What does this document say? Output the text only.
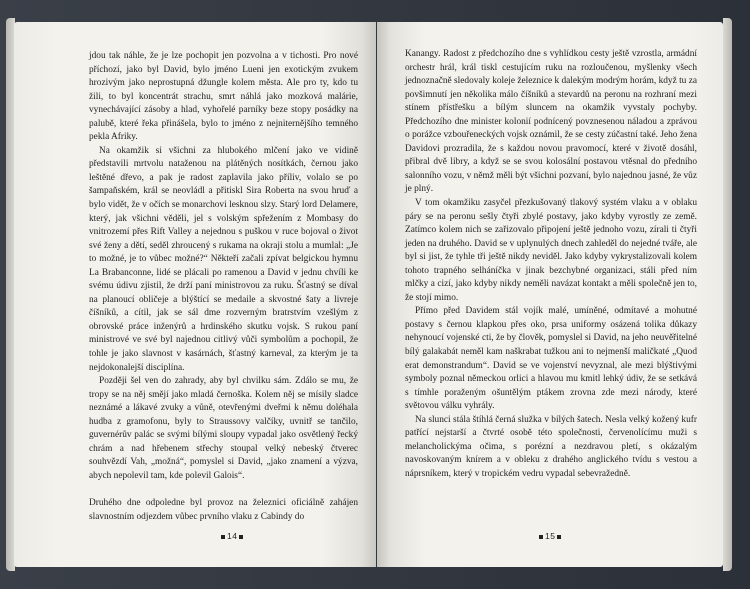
jdou tak náhle, že je lze pochopit jen pozvolna a v tichosti. Pro nové příchozí, jako byl David, bylo jméno Lueni jen exotickým zvukem hrozivým jako neprostupná džungle kolem města. Ale pro ty, kdo tu žili, to byl koncentrát strachu, smrt náhlá jako mozková malárie, vynechávající zásoby a hlad, vyhořelé parníky beze stopy posádky na palubě, které řeka přinášela, bylo to jméno z nejniternějšího temného pekla Afriky.

Na okamžik si všichni za hlubokého mlčení jako ve vidině představili mrtvolu nataženou na plátěných nosítkách, černou jako leštěné dřevo, a pak je radost zaplavila jako příliv, volalo se po šampaňském, král se neovládl a přitiskl Sira Roberta na svou hruď a bylo vidět, že v očích se monarchovi lesknou slzy. Starý lord Delamere, který, jak všichni věděli, jel s volským spřežením z Mombasy do vnitrozemí přes Rift Valley a nejednou s puškou v ruce bojoval o život své ženy a dětí, seděl zhroucený s rukama na okraji stolu a mumlal: „Je to možné, je to vůbec možné?“ Někteří začali zpívat belgickou hymnu La Brabanconne, lidé se plácali po ramenou a David v jednu chvíli ke svému údivu zjistil, že drží paní ministrovou za ruku. Šťastný se díval na planoucí obličeje a blýštící se medaile a skvostné šaty a livreje číšníků, a cítil, jak se sál dme rozverným bratrstvím vzešlým z obrovské práce inženýrů a hrdinského skutku vojsk. S rukou paní ministrové ve své byl najednou citlivý vůči symbolům a pochopil, že tohle je jako slavnost v kasárnách, šťastný karneval, za kterým je ta nejdokonalejší disciplína.

Později šel ven do zahrady, aby byl chvilku sám. Zdálo se mu, že tropy se na něj smějí jako mladá černoška. Kolem něj se mísily sladce neznámé a lákavé zvuky a vůně, otevřenými dveřmi k němu doléhala hudba z gramofonu, byly to Straussovy valčíky, uvnitř se tančilo, guvernérův palác se svými bílými sloupy vypadal jako osvětlený řecký chrám a nad hřebenem střechy stoupal velký nebeský čtverec souhvězdí Vah, „možná“, pomyslel si David, „jako znamení a výzva, abych nepolevil tam, kde polevil Galois“.

Druhého dne odpoledne byl provoz na železnici oficiálně zahájen slavnostním odjezdem vůbec prvního vlaku z Cabindy do

14

Kanangy. Radost z předchozího dne s vyhlídkou cesty ještě vzrostla, armádní orchestr hrál, král tiskl cestujícím ruku na rozloučenou, myšlenky všech jednoznačně sledovaly koleje železnice k dalekým modrým horám, když tu za povšimnutí jen několika málo číšníků a stevardů na peronu na rozhraní mezi stínem přístřešku a bílým sluncem na okamžik vyvstaly pochyby. Předchozího dne minister kolonií podnícený povznesenou náladou a zprávou o porážce vzbouřeneckých vojsk oznámil, že se cesty zúčastní také. Jeho žena Davidovi prozradila, že s každou novou pravomocí, které v životě dosáhl, přibral dvě libry, a když se se svou kolosální postavou vtěsnal do předního salonního vozu, v němž měli být všichni pozvaní, bylo najednou jasné, že vůz je plný.

V tom okamžiku zasyčel přezkušovaný tlakový systém vlaku a v oblaku páry se na peronu sešly čtyři zbylé postavy, jako kdyby vyrostly ze země. Zatímco kolem nich se zařizovalo připojení ještě jednoho vozu, zírali ti čtyři jeden na druhého. David se v uplynulých dnech zahleděl do nejedné tváře, ale byl si jist, že tyhle tři ještě nikdy neviděl. Jako kdyby vykrystalizovali kolem tohoto trapného selháníčka v jinak bezchybné organizaci, stáli před ním mlčky a cizí, jako kdyby nikdy neměli navázat kontakt a měli společně jen to, že stojí mimo.

Přímo před Davidem stál vojík malé, umíněné, odmítavé a mohutné postavy s černou klapkou přes oko, prsa uniformy osázená tolika důkazy nehynoucí vojenské cti, že by člověk, pomyslel si David, na jeho neuvěřitelné bílý galakabát neměl kam naškrabat tužkou ani to nejmenší maličkaté „Quod erat demonstrandum“. David se ve vojenství nevyznal, ale mezi blýštivými symboly poznal německou orlici a hlavou mu kmitl lehký údiv, že se setkává s tímhle poraženým ošuntělým ptákem zrovna zde mezi národy, které světovou válku vyhrály.

Na slunci stála štíhlá černá služka v bílých šatech. Nesla velký kožený kufr patřící nejstarší a čtvrté osobě této společnosti, červenolícímu muži s melancholickýma očima, s porézní a nezdravou pletí, s okázalým navoskovaným knírem a v obleku z drahého anglického tvídu s vestou a náprsníkem, který v tropickém vedru vypadal sebevražedně.

15
